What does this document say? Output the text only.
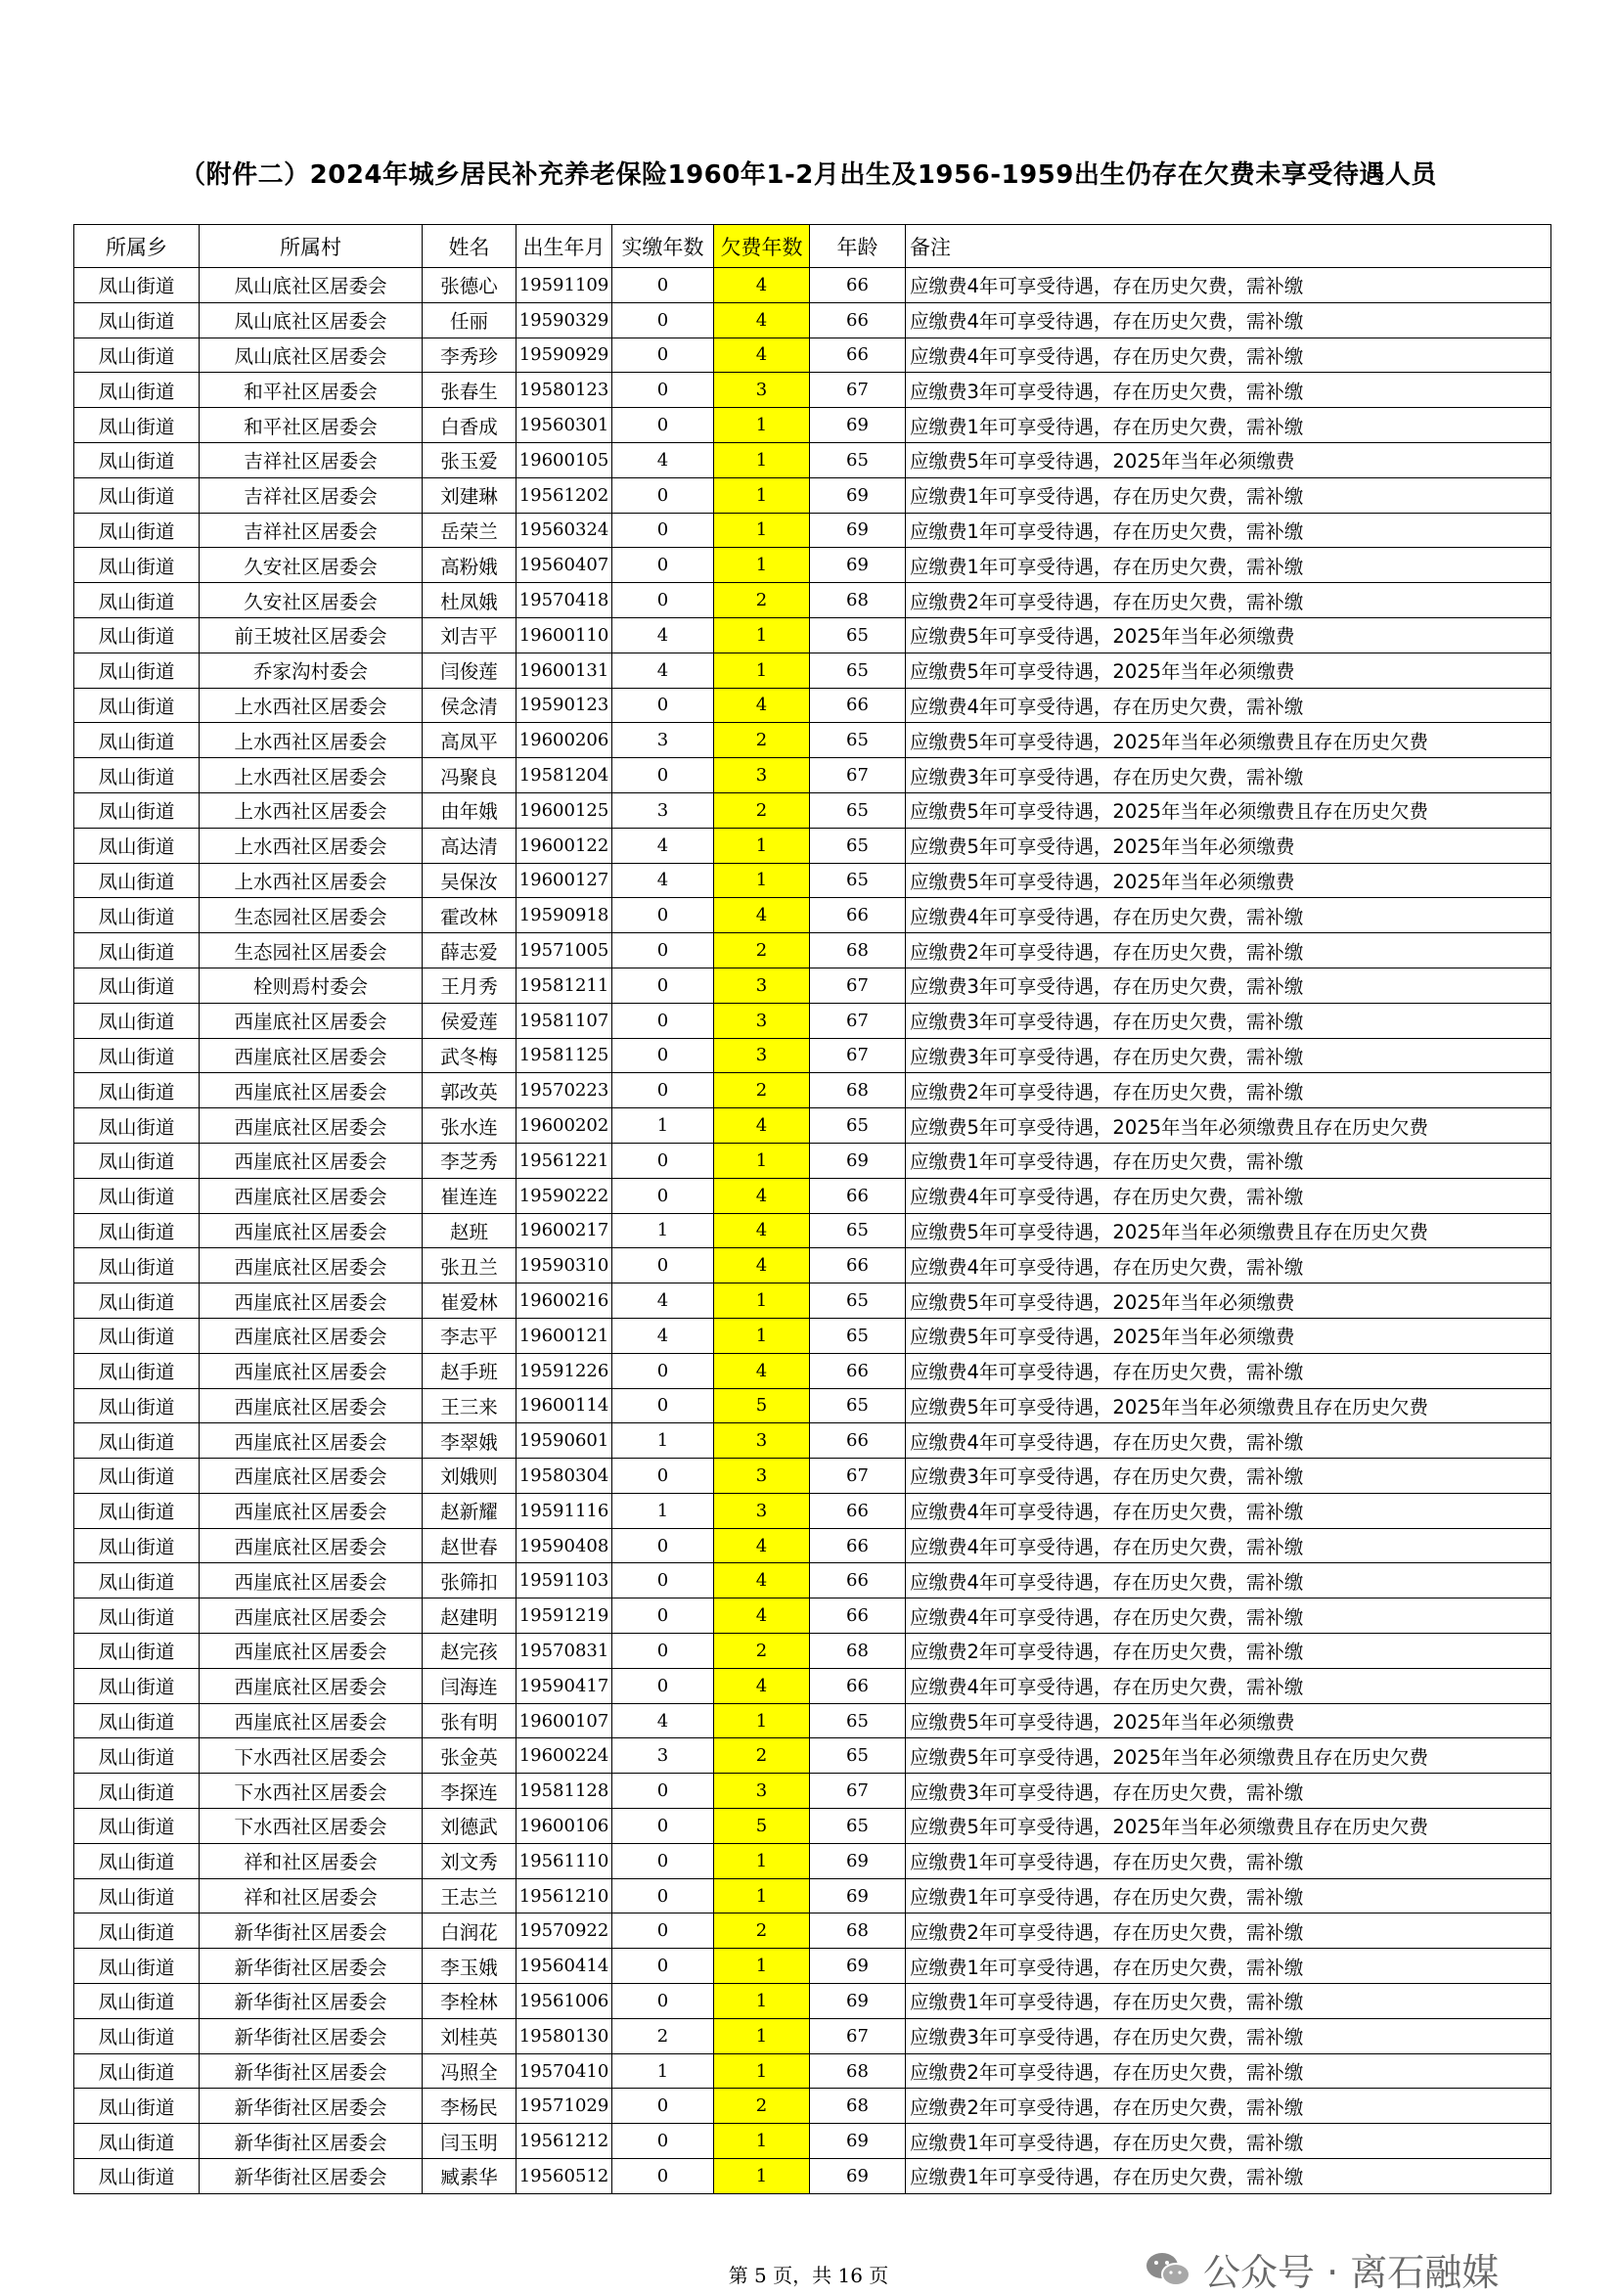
（附件二）2024年城乡居民补充养老保险1960年1-2月出生及1956-1959出生仍存在欠费未享受待遇人员
所属乡	所属村	姓名	出生年月	实缴年数	欠费年数	年龄	备注
凤山街道	凤山底社区居委会	张德心	19591109	0	4	66	应缴费4年可享受待遇，存在历史欠费，需补缴
凤山街道	凤山底社区居委会	任丽	19590329	0	4	66	应缴费4年可享受待遇，存在历史欠费，需补缴
凤山街道	凤山底社区居委会	李秀珍	19590929	0	4	66	应缴费4年可享受待遇，存在历史欠费，需补缴
凤山街道	和平社区居委会	张春生	19580123	0	3	67	应缴费3年可享受待遇，存在历史欠费，需补缴
凤山街道	和平社区居委会	白香成	19560301	0	1	69	应缴费1年可享受待遇，存在历史欠费，需补缴
凤山街道	吉祥社区居委会	张玉爱	19600105	4	1	65	应缴费5年可享受待遇，2025年当年必须缴费
凤山街道	吉祥社区居委会	刘建琳	19561202	0	1	69	应缴费1年可享受待遇，存在历史欠费，需补缴
凤山街道	吉祥社区居委会	岳荣兰	19560324	0	1	69	应缴费1年可享受待遇，存在历史欠费，需补缴
凤山街道	久安社区居委会	高粉娥	19560407	0	1	69	应缴费1年可享受待遇，存在历史欠费，需补缴
凤山街道	久安社区居委会	杜凤娥	19570418	0	2	68	应缴费2年可享受待遇，存在历史欠费，需补缴
凤山街道	前王坡社区居委会	刘吉平	19600110	4	1	65	应缴费5年可享受待遇，2025年当年必须缴费
凤山街道	乔家沟村委会	闫俊莲	19600131	4	1	65	应缴费5年可享受待遇，2025年当年必须缴费
凤山街道	上水西社区居委会	侯念清	19590123	0	4	66	应缴费4年可享受待遇，存在历史欠费，需补缴
凤山街道	上水西社区居委会	高凤平	19600206	3	2	65	应缴费5年可享受待遇，2025年当年必须缴费且存在历史欠费
凤山街道	上水西社区居委会	冯聚良	19581204	0	3	67	应缴费3年可享受待遇，存在历史欠费，需补缴
凤山街道	上水西社区居委会	由年娥	19600125	3	2	65	应缴费5年可享受待遇，2025年当年必须缴费且存在历史欠费
凤山街道	上水西社区居委会	高达清	19600122	4	1	65	应缴费5年可享受待遇，2025年当年必须缴费
凤山街道	上水西社区居委会	吴保汝	19600127	4	1	65	应缴费5年可享受待遇，2025年当年必须缴费
凤山街道	生态园社区居委会	霍改林	19590918	0	4	66	应缴费4年可享受待遇，存在历史欠费，需补缴
凤山街道	生态园社区居委会	薛志爱	19571005	0	2	68	应缴费2年可享受待遇，存在历史欠费，需补缴
凤山街道	栓则焉村委会	王月秀	19581211	0	3	67	应缴费3年可享受待遇，存在历史欠费，需补缴
凤山街道	西崖底社区居委会	侯爱莲	19581107	0	3	67	应缴费3年可享受待遇，存在历史欠费，需补缴
凤山街道	西崖底社区居委会	武冬梅	19581125	0	3	67	应缴费3年可享受待遇，存在历史欠费，需补缴
凤山街道	西崖底社区居委会	郭改英	19570223	0	2	68	应缴费2年可享受待遇，存在历史欠费，需补缴
凤山街道	西崖底社区居委会	张水连	19600202	1	4	65	应缴费5年可享受待遇，2025年当年必须缴费且存在历史欠费
凤山街道	西崖底社区居委会	李芝秀	19561221	0	1	69	应缴费1年可享受待遇，存在历史欠费，需补缴
凤山街道	西崖底社区居委会	崔连连	19590222	0	4	66	应缴费4年可享受待遇，存在历史欠费，需补缴
凤山街道	西崖底社区居委会	赵班	19600217	1	4	65	应缴费5年可享受待遇，2025年当年必须缴费且存在历史欠费
凤山街道	西崖底社区居委会	张丑兰	19590310	0	4	66	应缴费4年可享受待遇，存在历史欠费，需补缴
凤山街道	西崖底社区居委会	崔爱林	19600216	4	1	65	应缴费5年可享受待遇，2025年当年必须缴费
凤山街道	西崖底社区居委会	李志平	19600121	4	1	65	应缴费5年可享受待遇，2025年当年必须缴费
凤山街道	西崖底社区居委会	赵手班	19591226	0	4	66	应缴费4年可享受待遇，存在历史欠费，需补缴
凤山街道	西崖底社区居委会	王三来	19600114	0	5	65	应缴费5年可享受待遇，2025年当年必须缴费且存在历史欠费
凤山街道	西崖底社区居委会	李翠娥	19590601	1	3	66	应缴费4年可享受待遇，存在历史欠费，需补缴
凤山街道	西崖底社区居委会	刘娥则	19580304	0	3	67	应缴费3年可享受待遇，存在历史欠费，需补缴
凤山街道	西崖底社区居委会	赵新耀	19591116	1	3	66	应缴费4年可享受待遇，存在历史欠费，需补缴
凤山街道	西崖底社区居委会	赵世春	19590408	0	4	66	应缴费4年可享受待遇，存在历史欠费，需补缴
凤山街道	西崖底社区居委会	张筛扣	19591103	0	4	66	应缴费4年可享受待遇，存在历史欠费，需补缴
凤山街道	西崖底社区居委会	赵建明	19591219	0	4	66	应缴费4年可享受待遇，存在历史欠费，需补缴
凤山街道	西崖底社区居委会	赵完孩	19570831	0	2	68	应缴费2年可享受待遇，存在历史欠费，需补缴
凤山街道	西崖底社区居委会	闫海连	19590417	0	4	66	应缴费4年可享受待遇，存在历史欠费，需补缴
凤山街道	西崖底社区居委会	张有明	19600107	4	1	65	应缴费5年可享受待遇，2025年当年必须缴费
凤山街道	下水西社区居委会	张金英	19600224	3	2	65	应缴费5年可享受待遇，2025年当年必须缴费且存在历史欠费
凤山街道	下水西社区居委会	李探连	19581128	0	3	67	应缴费3年可享受待遇，存在历史欠费，需补缴
凤山街道	下水西社区居委会	刘德武	19600106	0	5	65	应缴费5年可享受待遇，2025年当年必须缴费且存在历史欠费
凤山街道	祥和社区居委会	刘文秀	19561110	0	1	69	应缴费1年可享受待遇，存在历史欠费，需补缴
凤山街道	祥和社区居委会	王志兰	19561210	0	1	69	应缴费1年可享受待遇，存在历史欠费，需补缴
凤山街道	新华街社区居委会	白润花	19570922	0	2	68	应缴费2年可享受待遇，存在历史欠费，需补缴
凤山街道	新华街社区居委会	李玉娥	19560414	0	1	69	应缴费1年可享受待遇，存在历史欠费，需补缴
凤山街道	新华街社区居委会	李栓林	19561006	0	1	69	应缴费1年可享受待遇，存在历史欠费，需补缴
凤山街道	新华街社区居委会	刘桂英	19580130	2	1	67	应缴费3年可享受待遇，存在历史欠费，需补缴
凤山街道	新华街社区居委会	冯照全	19570410	1	1	68	应缴费2年可享受待遇，存在历史欠费，需补缴
凤山街道	新华街社区居委会	李杨民	19571029	0	2	68	应缴费2年可享受待遇，存在历史欠费，需补缴
凤山街道	新华街社区居委会	闫玉明	19561212	0	1	69	应缴费1年可享受待遇，存在历史欠费，需补缴
凤山街道	新华街社区居委会	臧素华	19560512	0	1	69	应缴费1年可享受待遇，存在历史欠费，需补缴
第 5 页，共 16 页	公众号 · 离石融媒
